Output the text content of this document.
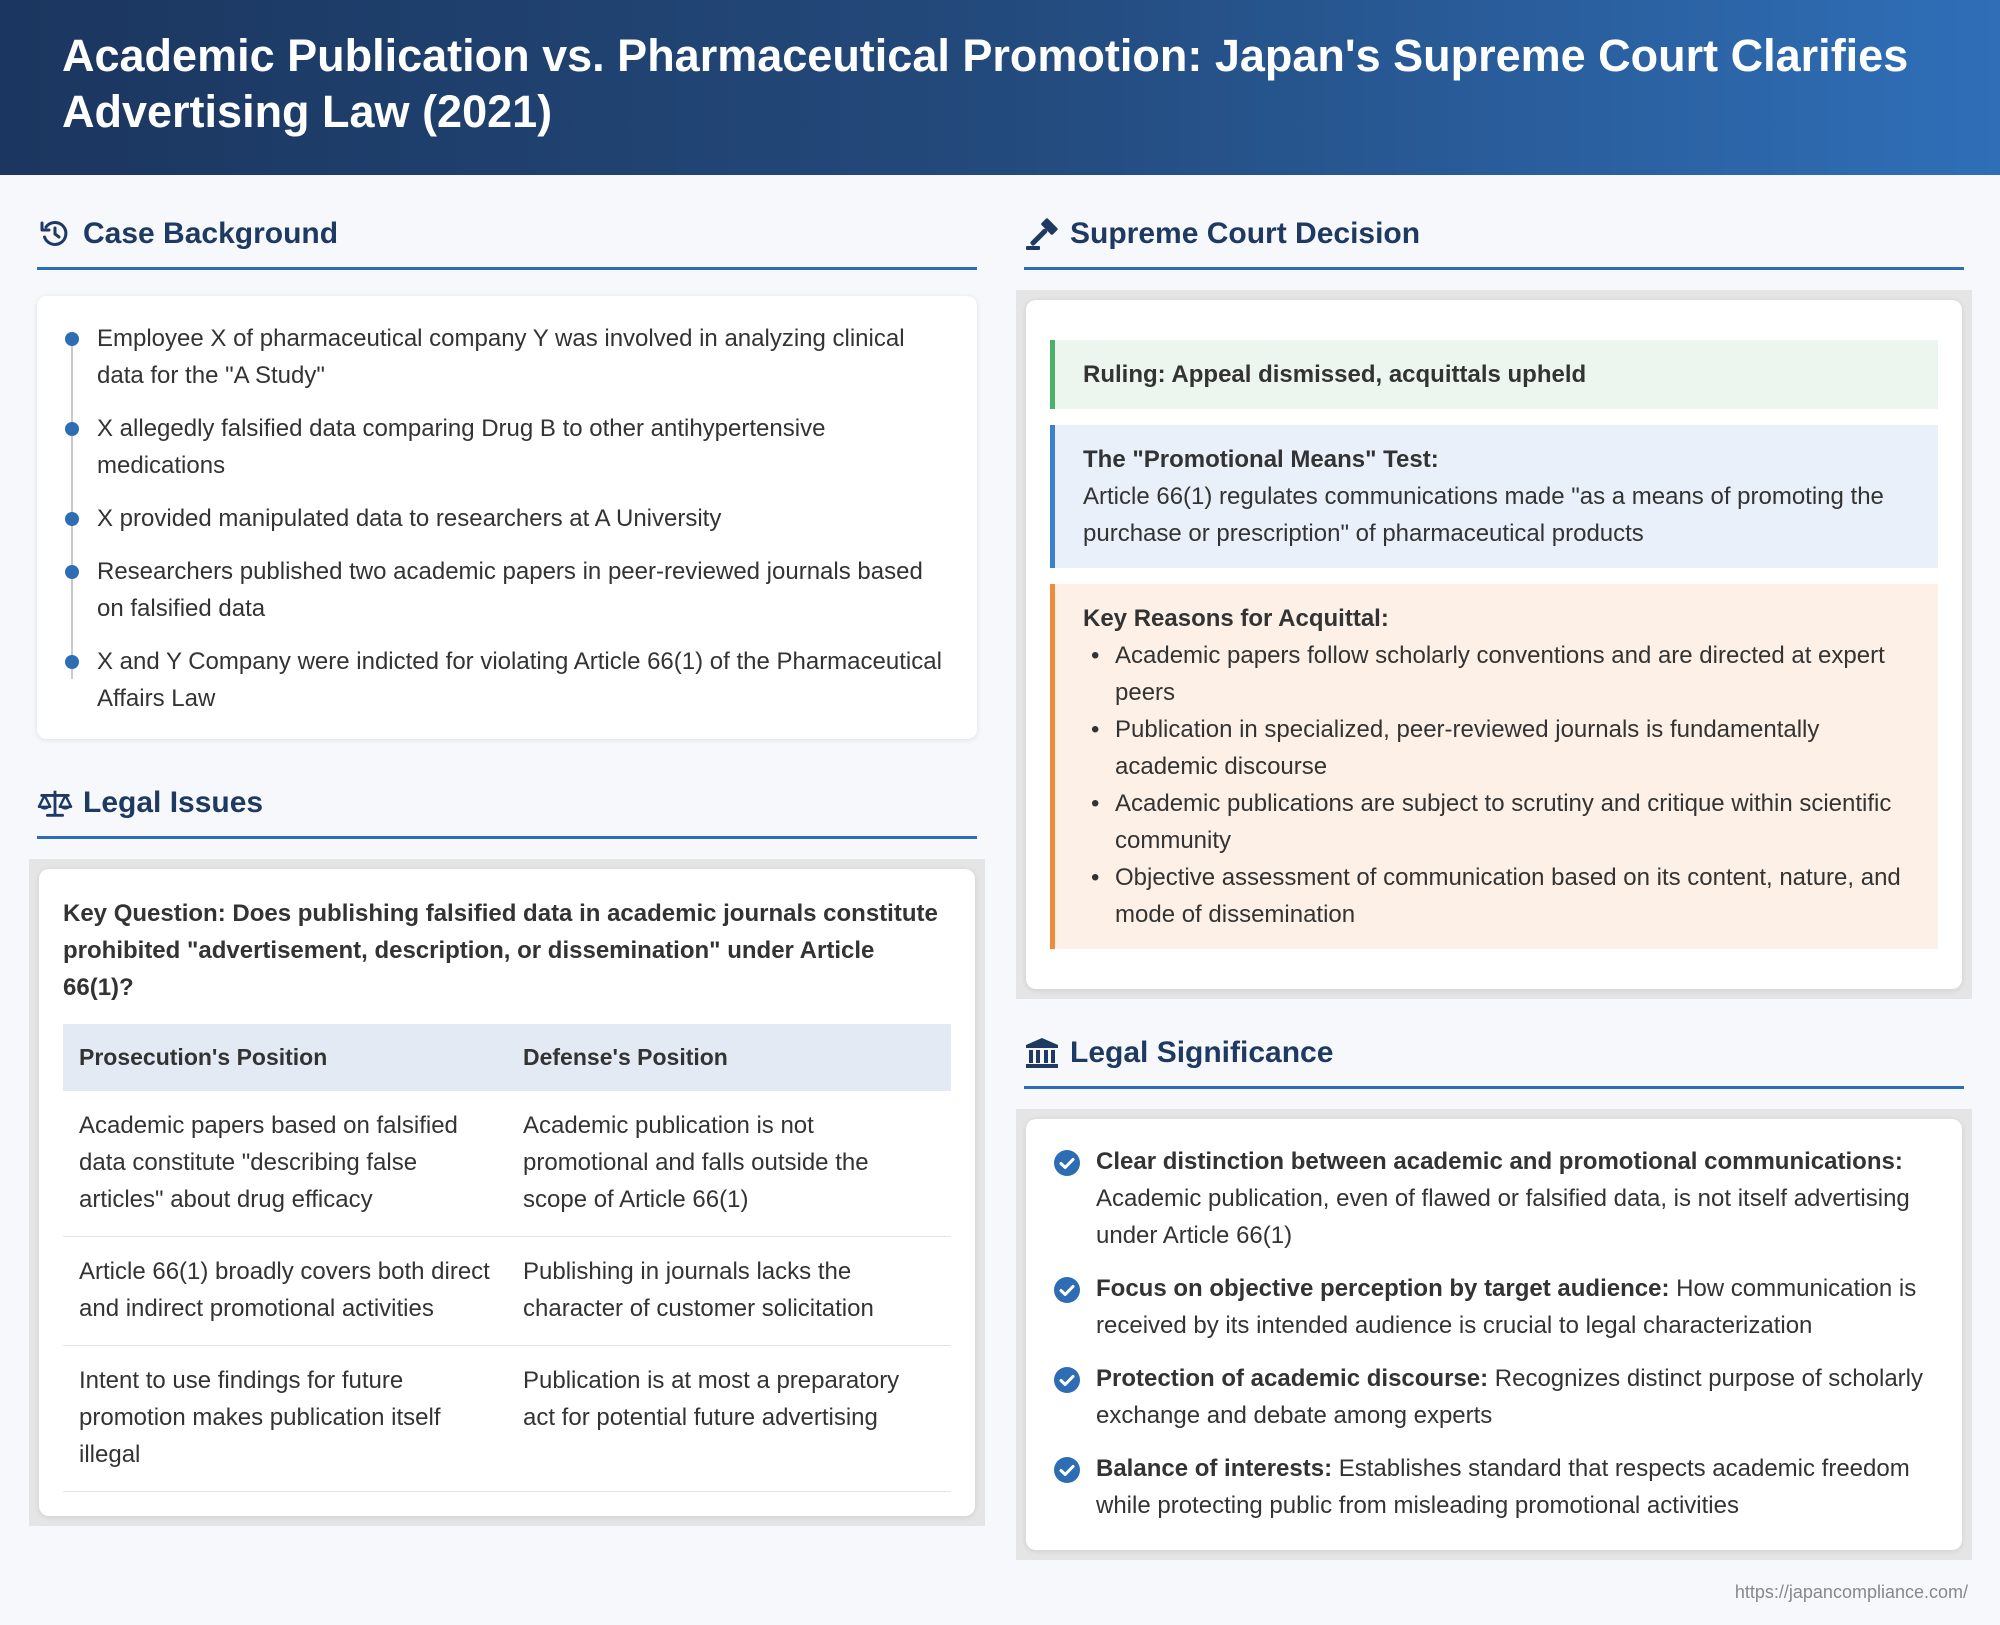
Academic Publication vs. Pharmaceutical Promotion: Japan's Supreme Court Clarifies Advertising Law (2021)
Case Background
Employee X of pharmaceutical company Y was involved in analyzing clinical data for the "A Study"
X allegedly falsified data comparing Drug B to other antihypertensive medications
X provided manipulated data to researchers at A University
Researchers published two academic papers in peer-reviewed journals based on falsified data
X and Y Company were indicted for violating Article 66(1) of the Pharmaceutical Affairs Law
Legal Issues
Key Question: Does publishing falsified data in academic journals constitute prohibited "advertisement, description, or dissemination" under Article 66(1)?
Prosecution's Position	Defense's Position
Academic papers based on falsified data constitute "describing false articles" about drug efficacy	Academic publication is not promotional and falls outside the scope of Article 66(1)
Article 66(1) broadly covers both direct and indirect promotional activities	Publishing in journals lacks the character of customer solicitation
Intent to use findings for future promotion makes publication itself illegal	Publication is at most a preparatory act for potential future advertising
Supreme Court Decision
Ruling: Appeal dismissed, acquittals upheld
The "Promotional Means" Test:
Article 66(1) regulates communications made "as a means of promoting the purchase or prescription" of pharmaceutical products
Key Reasons for Acquittal:
• Academic papers follow scholarly conventions and are directed at expert peers
• Publication in specialized, peer-reviewed journals is fundamentally academic discourse
• Academic publications are subject to scrutiny and critique within scientific community
• Objective assessment of communication based on its content, nature, and mode of dissemination
Legal Significance
Clear distinction between academic and promotional communications: Academic publication, even of flawed or falsified data, is not itself advertising under Article 66(1)
Focus on objective perception by target audience: How communication is received by its intended audience is crucial to legal characterization
Protection of academic discourse: Recognizes distinct purpose of scholarly exchange and debate among experts
Balance of interests: Establishes standard that respects academic freedom while protecting public from misleading promotional activities
https://japancompliance.com/
